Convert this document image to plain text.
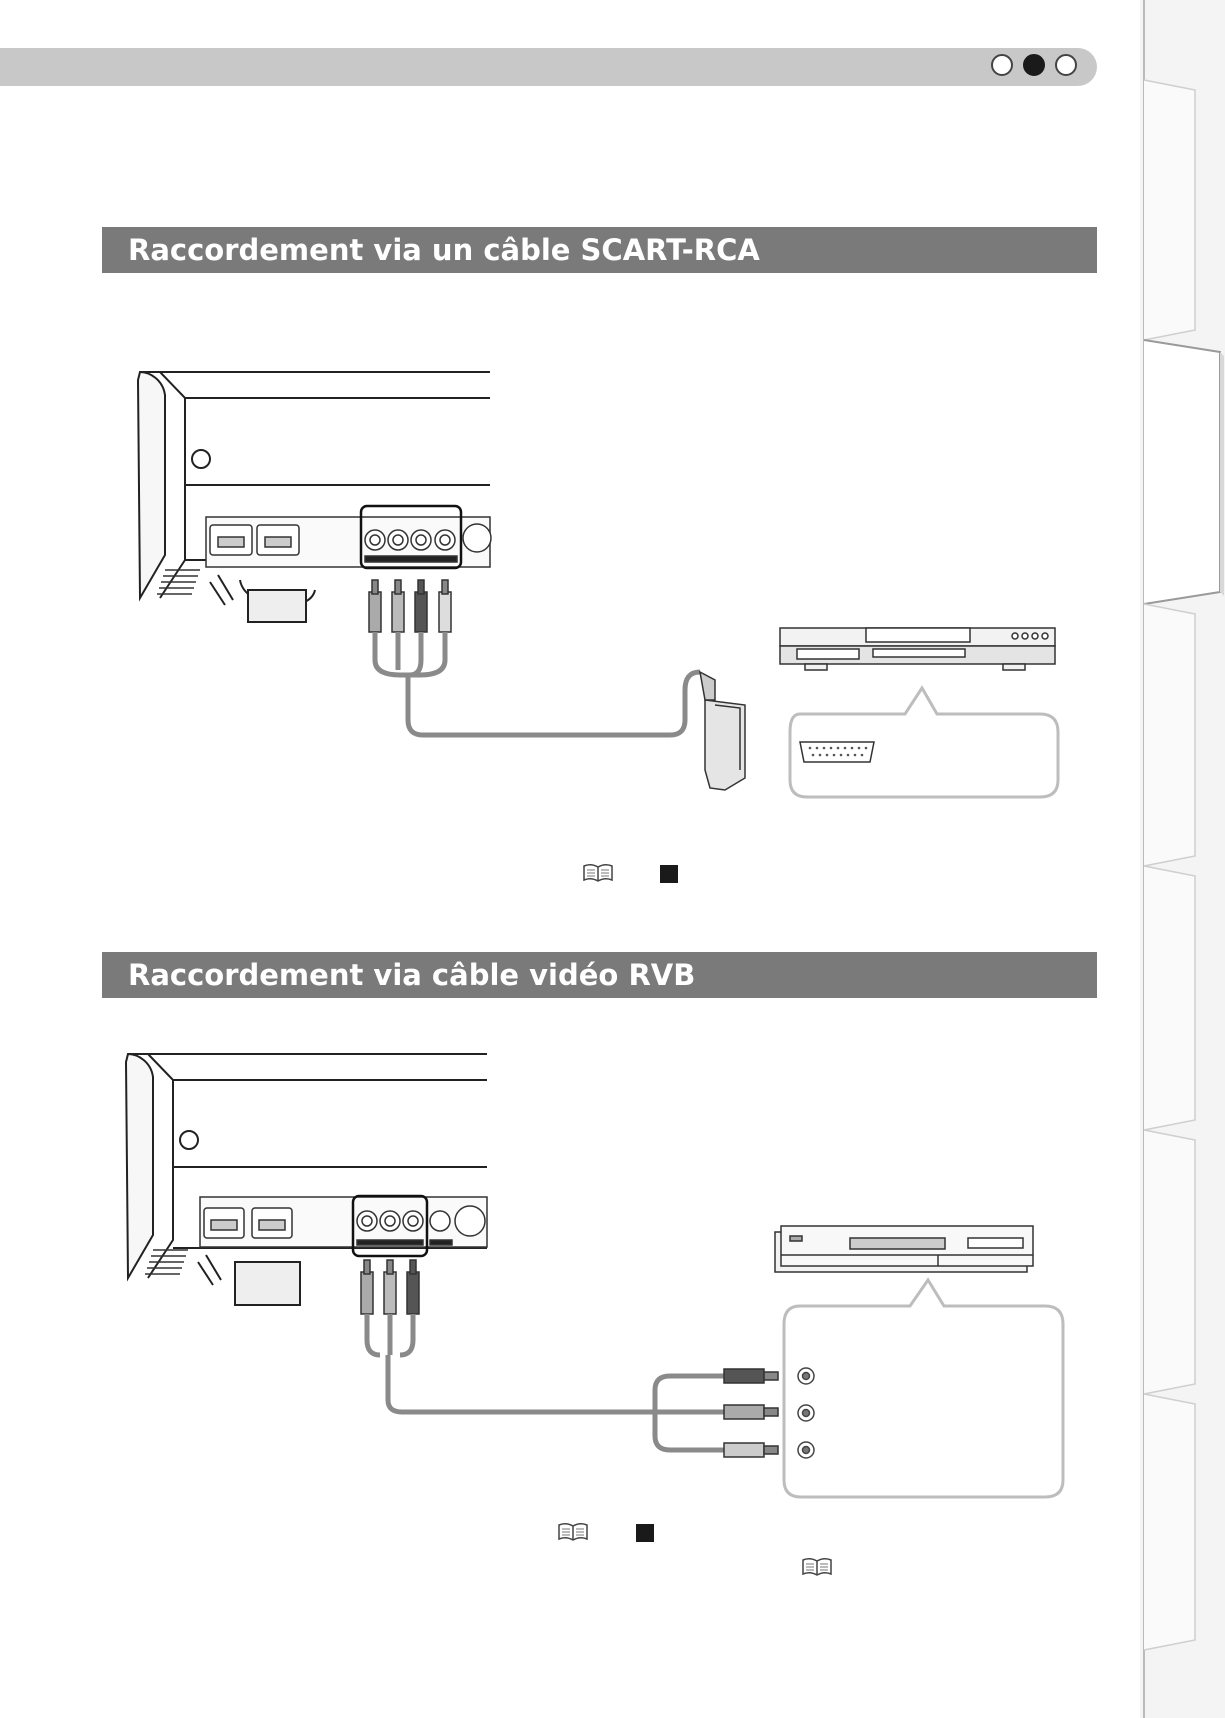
Raccordement via un câble SCART-RCA
Raccordement via câble vidéo RVB
